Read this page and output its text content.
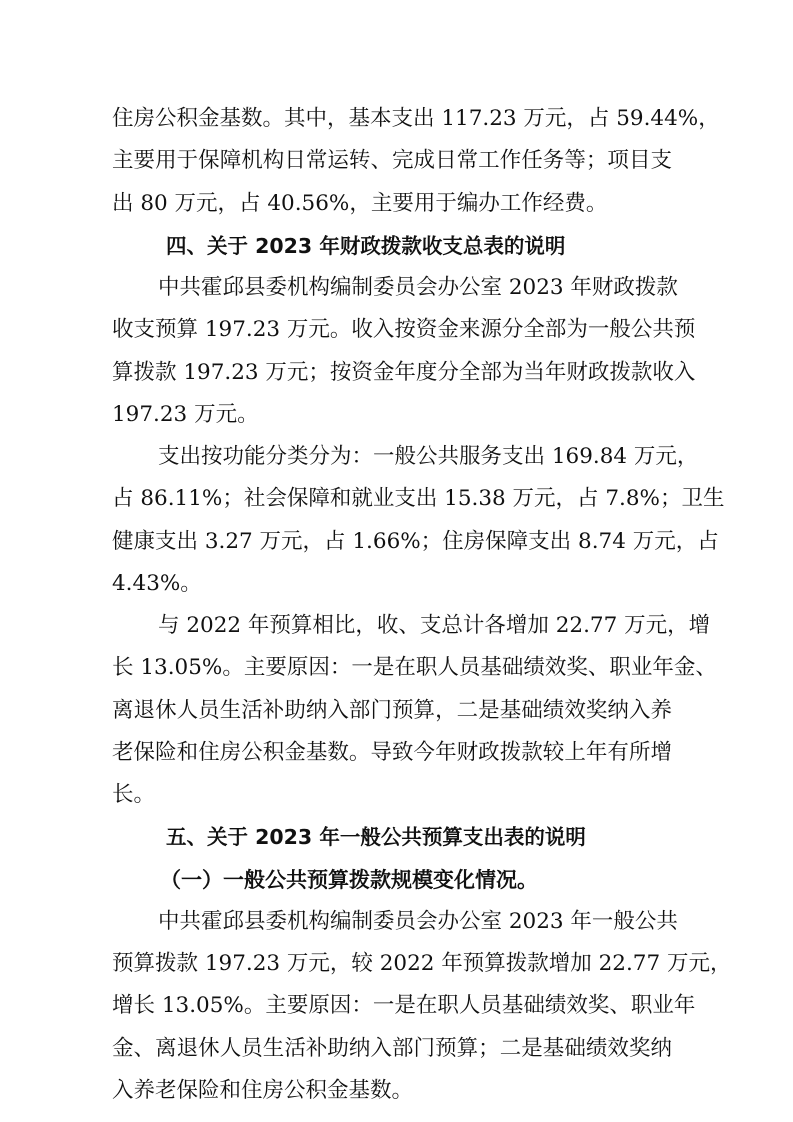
住房公积金基数。其中，基本支出 117.23 万元，占 59.44%，
主要用于保障机构日常运转、完成日常工作任务等；项目支
出 80 万元，占 40.56%，主要用于编办工作经费。
四、关于 2023 年财政拨款收支总表的说明
中共霍邱县委机构编制委员会办公室 2023 年财政拨款
收支预算 197.23 万元。收入按资金来源分全部为一般公共预
算拨款 197.23 万元；按资金年度分全部为当年财政拨款收入
197.23 万元。
支出按功能分类分为：一般公共服务支出 169.84 万元，
占 86.11%；社会保障和就业支出 15.38 万元，占 7.8%；卫生
健康支出 3.27 万元，占 1.66%；住房保障支出 8.74 万元，占
4.43%。
与 2022 年预算相比，收、支总计各增加 22.77 万元，增
长 13.05%。主要原因：一是在职人员基础绩效奖、职业年金、
离退休人员生活补助纳入部门预算，二是基础绩效奖纳入养
老保险和住房公积金基数。导致今年财政拨款较上年有所增
长。
五、关于 2023 年一般公共预算支出表的说明
（一）一般公共预算拨款规模变化情况。
中共霍邱县委机构编制委员会办公室 2023 年一般公共
预算拨款 197.23 万元，较 2022 年预算拨款增加 22.77 万元，
增长 13.05%。主要原因：一是在职人员基础绩效奖、职业年
金、离退休人员生活补助纳入部门预算；二是基础绩效奖纳
入养老保险和住房公积金基数。
